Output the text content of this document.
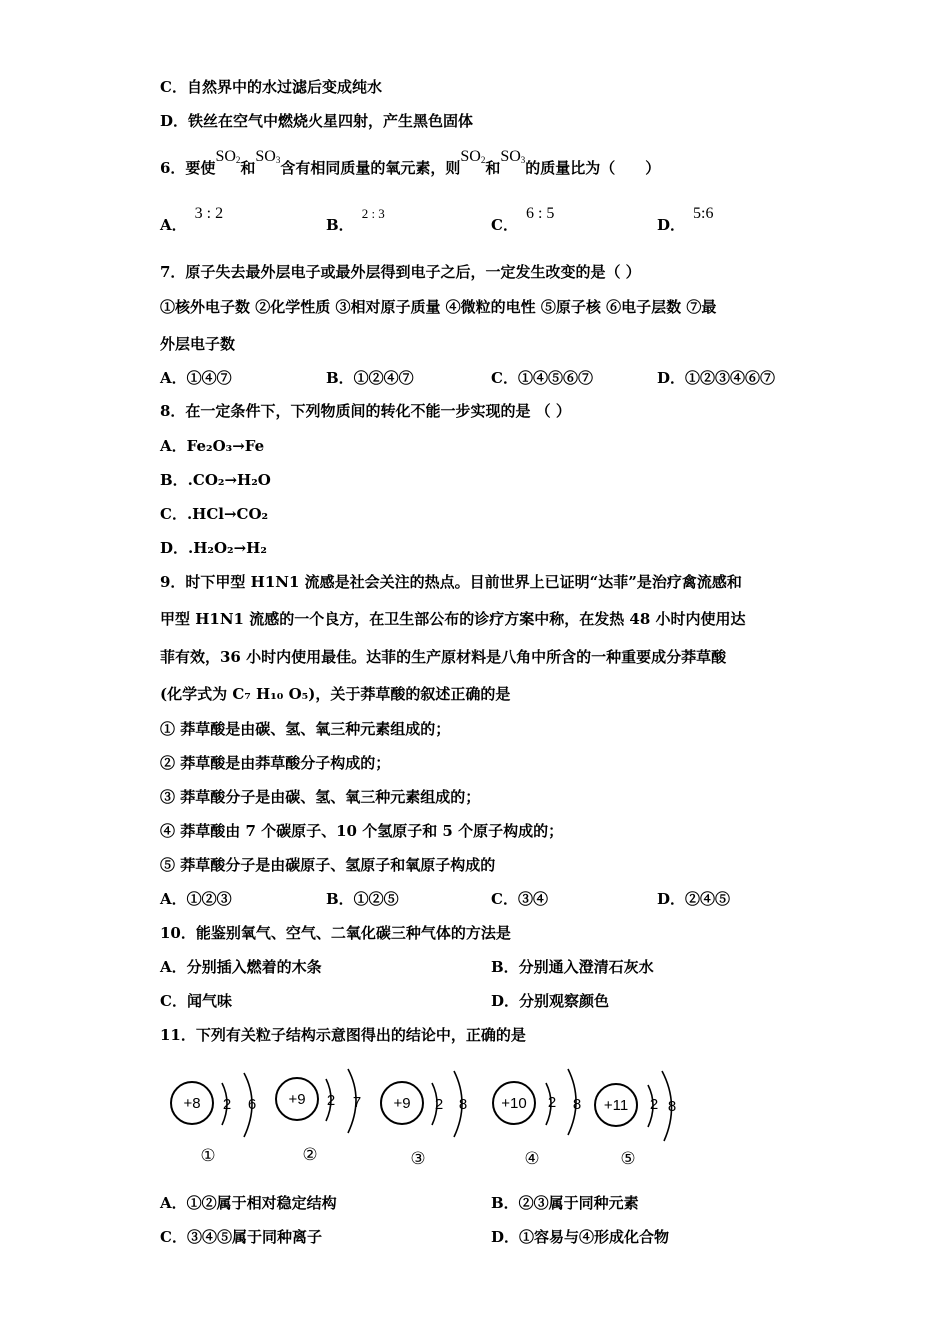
C．自然界中的水过滤后变成纯水
D．铁丝在空气中燃烧火星四射，产生黑色固体
6．要使$SO_2$和$SO_3$含有相同质量的氧元素，则$SO_2$和$SO_3$的质量比为（　　）
A．3 : 2
B．2 : 3
C．6 : 5
D．5:6
7．原子失去最外层电子或最外层得到电子之后，一定发生改变的是（ ）
①核外电子数 ②化学性质 ③相对原子质量 ④微粒的电性 ⑤原子核 ⑥电子层数 ⑦最
外层电子数
A．①④⑦	B．①②④⑦	C．①④⑤⑥⑦	D．①②③④⑥⑦
8．在一定条件下，下列物质间的转化不能一步实现的是 （ ）
A．Fe₂O₃→Fe
B．.CO₂→H₂O
C．.HCl→CO₂
D．.H₂O₂→H₂
9．时下甲型 H1N1 流感是社会关注的热点。目前世界上已证明“达菲”是治疗禽流感和
甲型 H1N1 流感的一个良方，在卫生部公布的诊疗方案中称，在发热 48 小时内使用达
菲有效，36 小时内使用最佳。达菲的生产原材料是八角中所含的一种重要成分莽草酸
(化学式为 C₇ H₁₀ O₅)，关于莽草酸的叙述正确的是
① 莽草酸是由碳、氢、氧三种元素组成的；
② 莽草酸是由莽草酸分子构成的；
③ 莽草酸分子是由碳、氢、氧三种元素组成的；
④ 莽草酸由 7 个碳原子、10 个氢原子和 5 个原子构成的；
⑤ 莽草酸分子是由碳原子、氢原子和氧原子构成的
A．①②③	B．①②⑤	C．③④	D．②④⑤
10．能鉴别氧气、空气、二氧化碳三种气体的方法是
A．分别插入燃着的木条	B．分别通入澄清石灰水
C．闻气味	D．分别观察颜色
11．下列有关粒子结构示意图得出的结论中，正确的是
+8 2 6
①
+9 2 7
②
+9 2 8
③
+10 2 8
④
+11 2 8
⑤
A．①②属于相对稳定结构	B．②③属于同种元素
C．③④⑤属于同种离子	D．①容易与④形成化合物
